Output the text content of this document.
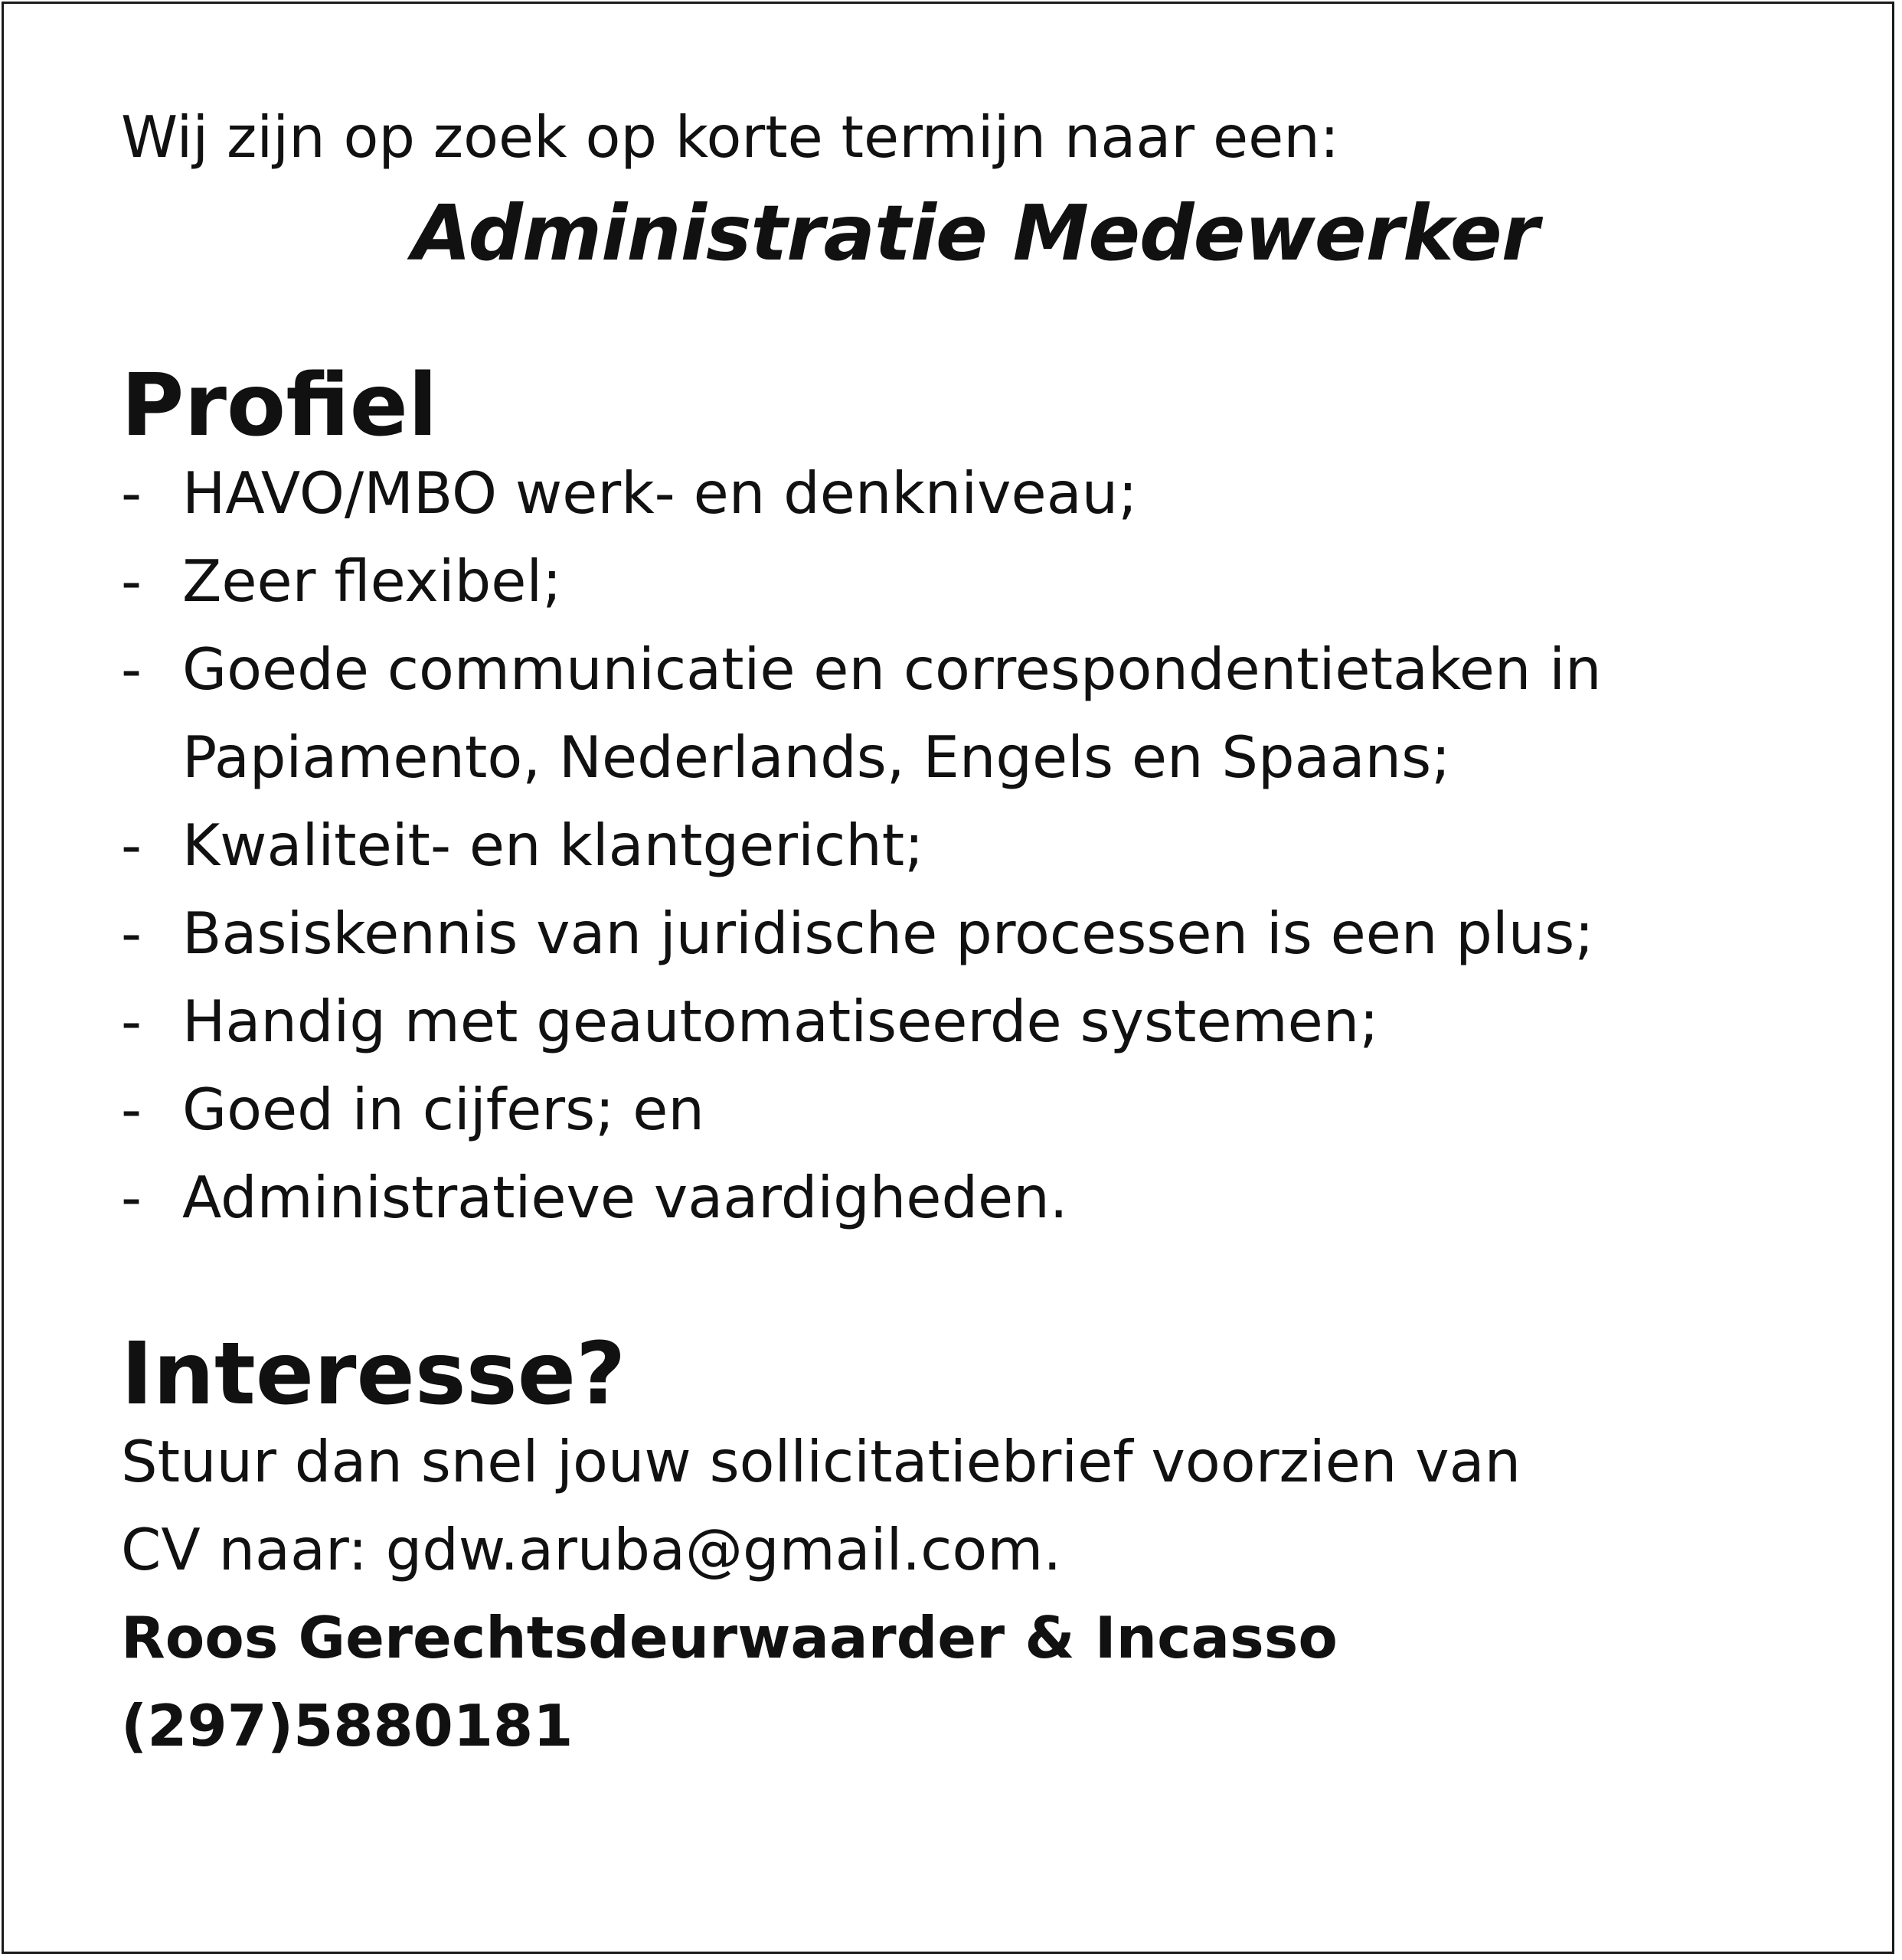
Wij zijn op zoek op korte termijn naar een:

Administratie Medewerker
Profiel
- HAVO/MBO werk- en denkniveau;
- Zeer flexibel;
- Goede communicatie en correspondentietaken in
Papiamento, Nederlands, Engels en Spaans;
- Kwaliteit- en klantgericht;
- Basiskennis van juridische processen is een plus;
- Handig met geautomatiseerde systemen;
- Goed in cijfers; en
- Administratieve vaardigheden.
Interesse?

Stuur dan snel jouw sollicitatiebrief voorzien van
CV naar: gdw.aruba@gmail.com.

Roos Gerechtsdeurwaarder & Incasso

(297)5880181
